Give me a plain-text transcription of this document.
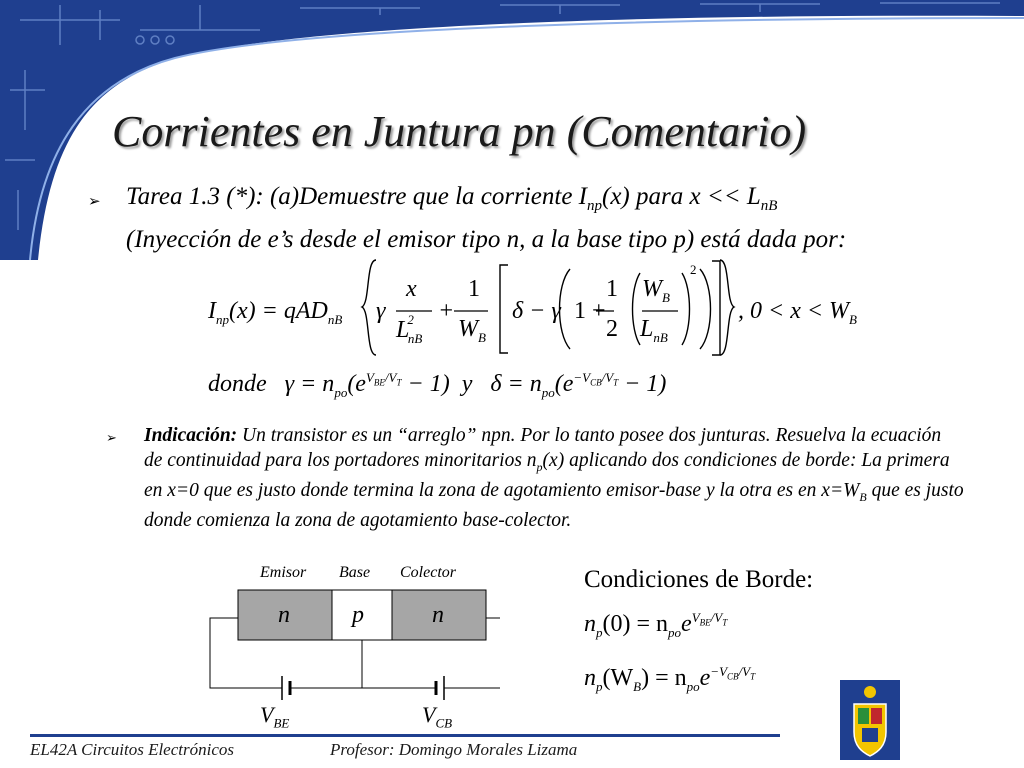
Corrientes en Juntura pn (Comentario)
➢ Tarea 1.3 (*): (a)Demuestre que la corriente $I_{np}(x)$ para $x << L_{nB}$
(Inyección de e’s desde el emisor tipo n, a la base tipo p) está dada por:
$I_{np}(x) = qAD_{nB}$ γ
x
$L^2_{nB}$
+
1
$W_B$
δ − γ 1 +
1
2
$W_B$
$L_{nB}$
2
, $0 < x < W_B$
donde $\gamma = n_{po}(e^{V_{BE}/V_T} - 1)$ y $\delta = n_{po}(e^{-V_{CB}/V_T} - 1)$
➢ Indicación: Un transistor es un “arreglo” npn. Por lo tanto posee dos junturas. Resuelva la ecuación de continuidad para los portadores minoritarios $n_p(x)$ aplicando dos condiciones de borde: La primera en x=0 que es justo donde termina la zona de agotamiento emisor-base y la otra es en $x=W_B$ que es justo donde comienza la zona de agotamiento base-colector.
Emisor Base Colector
n	p	n
$V_{BE}$	$V_{CB}$
Condiciones de Borde:
$n_p(0) = n_{po}e^{V_{BE}/V_T}$
$n_p(W_B) = n_{po}e^{-V_{CB}/V_T}$
EL42A Circuitos Electrónicos	Profesor: Domingo Morales Lizama
